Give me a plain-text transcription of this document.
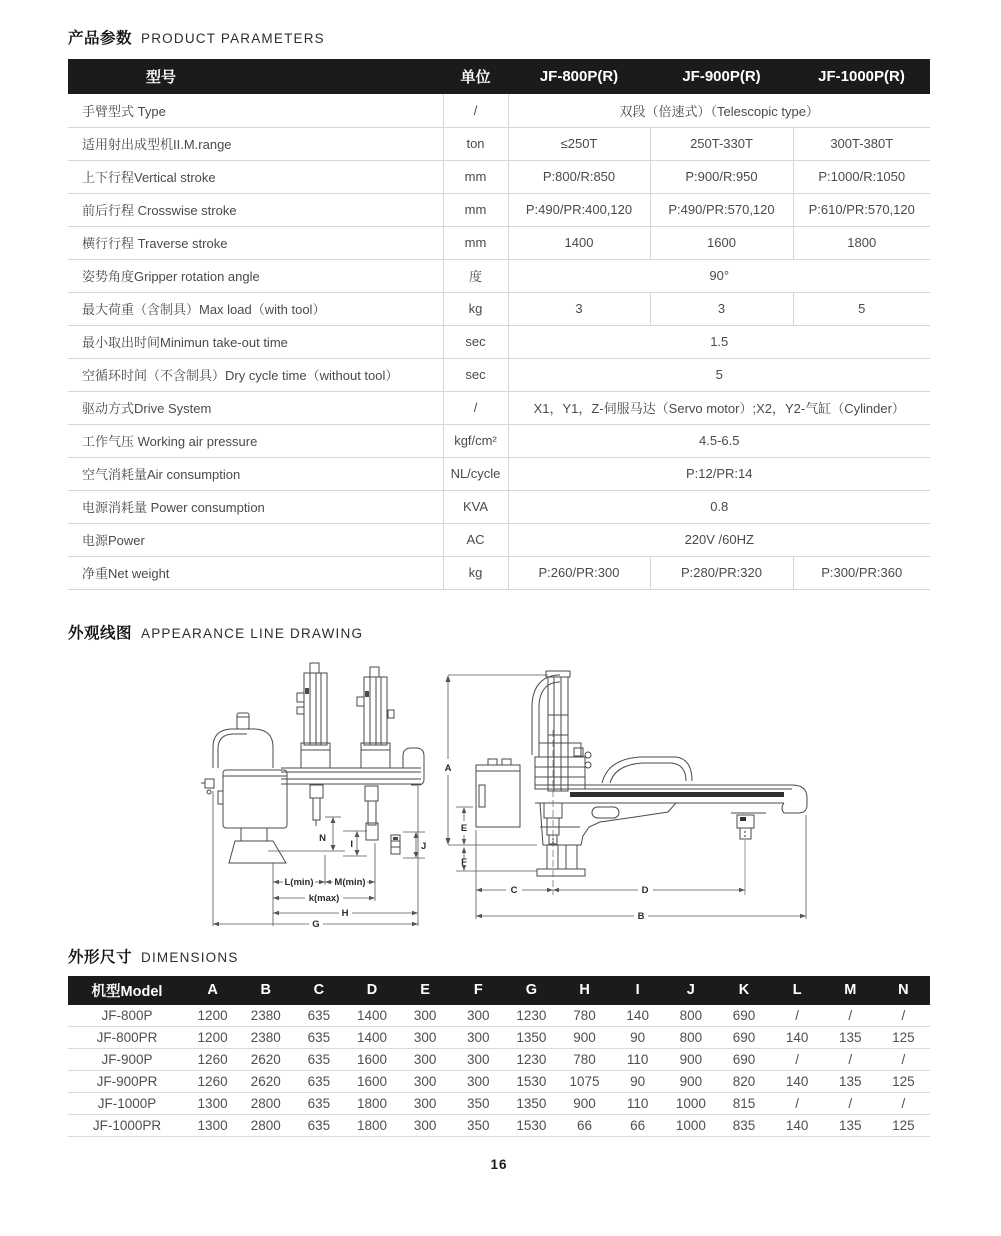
产品参数 PRODUCT PARAMETERS
型号	单位	JF-800P(R)	JF-900P(R)	JF-1000P(R)
手臂型式 Type	/	双段（倍速式）（Telescopic type）		
适用射出成型机II.M.range	ton	≤250T	250T-330T	300T-380T
上下行程Vertical stroke	mm	P:800/R:850	P:900/R:950	P:1000/R:1050
前后行程 Crosswise stroke	mm	P:490/PR:400,120	P:490/PR:570,120	P:610/PR:570,120
横行行程 Traverse stroke	mm	1400	1600	1800
姿势角度Gripper rotation angle	度	90°		
最大荷重（含制具）Max load（with tool）	kg	3	3	5
最小取出时间Minimun take-out time	sec	1.5		
空循环时间（不含制具）Dry cycle time（without tool）	sec	5		
驱动方式Drive System	/	X1，Y1，Z-伺服马达（Servo motor）;X2，Y2-气缸（Cylinder）		
工作气压 Working air pressure	kgf/cm²	4.5-6.5		
空气消耗量Air consumption	NL/cycle	P:12/PR:14		
电源消耗量 Power consumption	KVA	0.8		
电源Power	AC	220V /60HZ		
净重Net weight	kg	P:260/PR:300	P:280/PR:320	P:300/PR:360
外观线图 APPEARANCE LINE DRAWING
N
I	J
L(min) M(min)
k(max)
H
G
A
E
F
C	D
B
外形尺寸 DIMENSIONS
机型Model	A	B	C	D	E	F	G	H	I	J	K	L	M	N
JF-800P	1200	2380	635	1400	300	300	1230	780	140	800	690	/	/	/
JF-800PR	1200	2380	635	1400	300	300	1350	900	90	800	690	140	135	125
JF-900P	1260	2620	635	1600	300	300	1230	780	110	900	690	/	/	/
JF-900PR	1260	2620	635	1600	300	300	1530	1075	90	900	820	140	135	125
JF-1000P	1300	2800	635	1800	300	350	1350	900	110	1000	815	/	/	/
JF-1000PR	1300	2800	635	1800	300	350	1530	66	66	1000	835	140	135	125
16
